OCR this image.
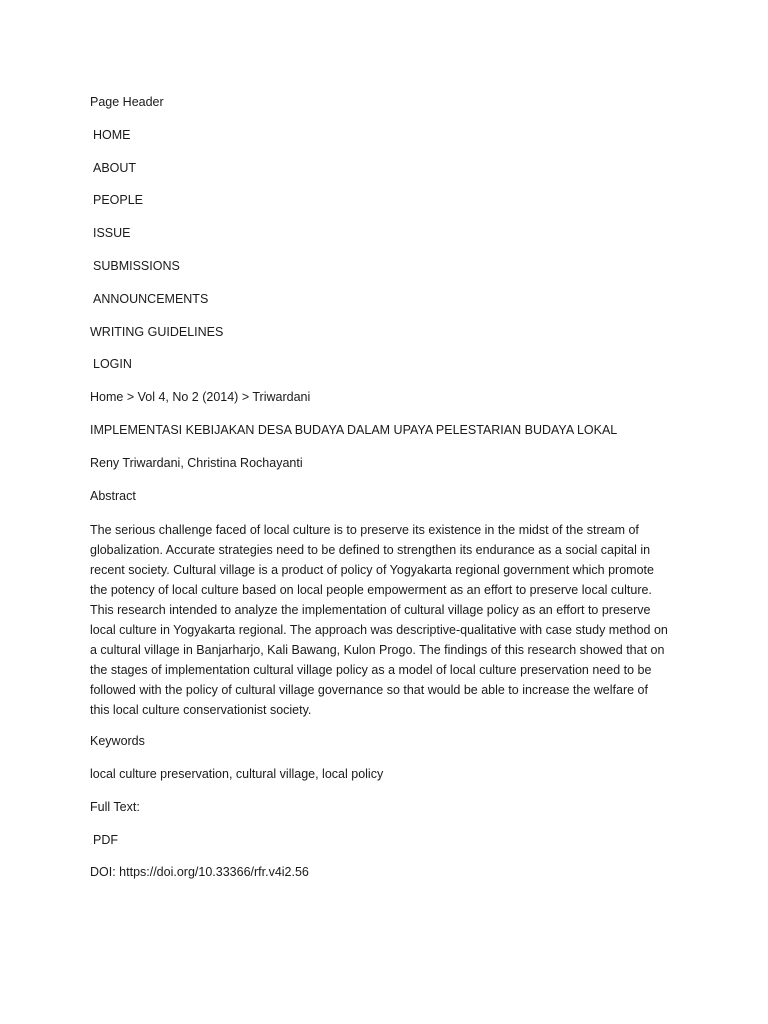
Page Header
HOME
ABOUT
PEOPLE
ISSUE
SUBMISSIONS
ANNOUNCEMENTS
WRITING GUIDELINES
LOGIN
Home > Vol 4, No 2 (2014) > Triwardani
IMPLEMENTASI KEBIJAKAN DESA BUDAYA DALAM UPAYA PELESTARIAN BUDAYA LOKAL
Reny Triwardani, Christina Rochayanti
Abstract
The serious challenge faced of local culture is to preserve its existence in the midst of the stream of globalization. Accurate strategies need to be defined to strengthen its endurance as a social capital in recent society. Cultural village is a product of policy of Yogyakarta regional government which promote the potency of local culture based on local people empowerment as an effort to preserve local culture. This research intended to analyze the implementation of cultural village policy as an effort to preserve local culture in Yogyakarta regional. The approach was descriptive-qualitative with case study method on a cultural village in Banjarharjo, Kali Bawang, Kulon Progo. The findings of this research showed that on the stages of implementation cultural village policy as a model of local culture preservation need to be followed with the policy of cultural village governance so that would be able to increase the welfare of this local culture conservationist society.
Keywords
local culture preservation, cultural village, local policy
Full Text:
PDF
DOI: https://doi.org/10.33366/rfr.v4i2.56
